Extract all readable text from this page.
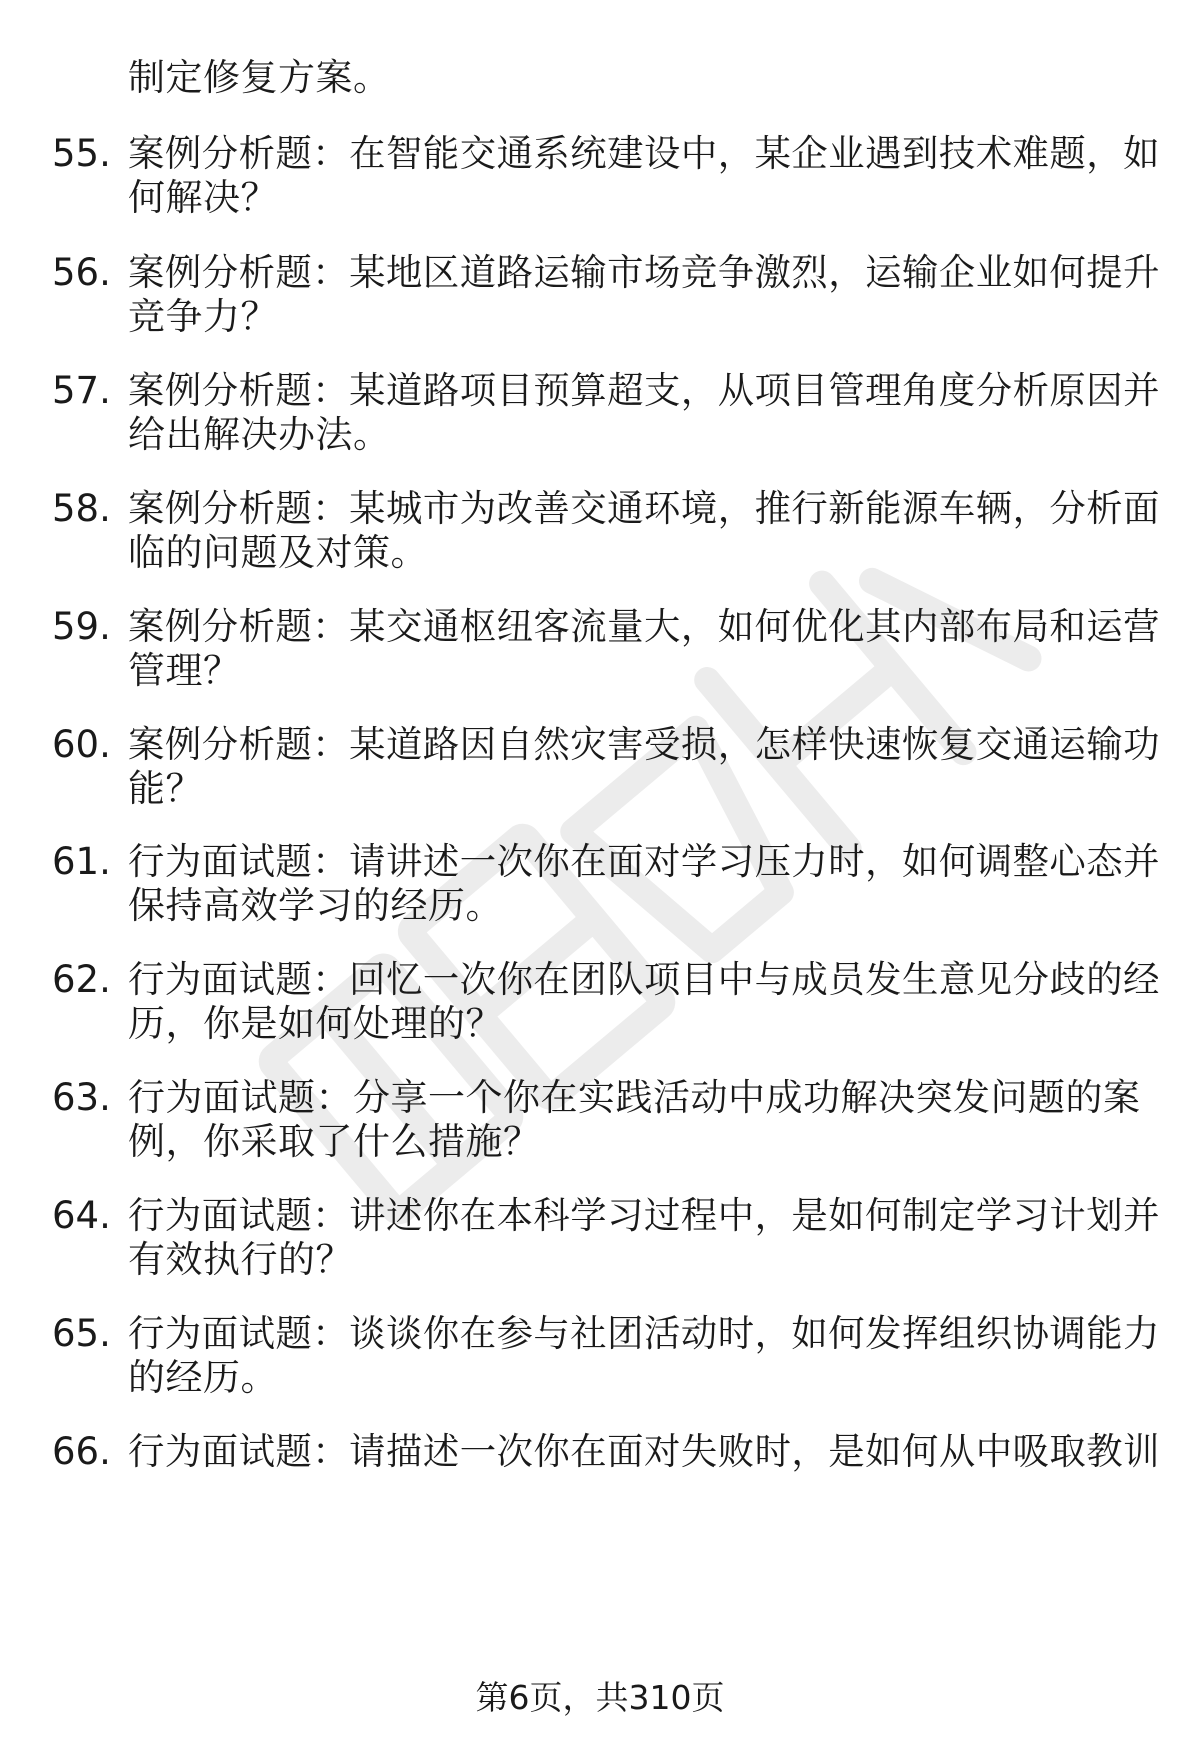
制定修复方案。
55. 案例分析题：在智能交通系统建设中，某企业遇到技术难题，如
何解决？
56. 案例分析题：某地区道路运输市场竞争激烈，运输企业如何提升
竞争力？
57. 案例分析题：某道路项目预算超支，从项目管理角度分析原因并
给出解决办法。
58. 案例分析题：某城市为改善交通环境，推行新能源车辆，分析面
临的问题及对策。
59. 案例分析题：某交通枢纽客流量大，如何优化其内部布局和运营
管理？
60. 案例分析题：某道路因自然灾害受损，怎样快速恢复交通运输功
能？
61. 行为面试题：请讲述一次你在面对学习压力时，如何调整心态并
保持高效学习的经历。
62. 行为面试题：回忆一次你在团队项目中与成员发生意见分歧的经
历，你是如何处理的？
63. 行为面试题：分享一个你在实践活动中成功解决突发问题的案
例，你采取了什么措施？
64. 行为面试题：讲述你在本科学习过程中，是如何制定学习计划并
有效执行的？
65. 行为面试题：谈谈你在参与社团活动时，如何发挥组织协调能力
的经历。
66. 行为面试题：请描述一次你在面对失败时，是如何从中吸取教训
第6页，共310页
